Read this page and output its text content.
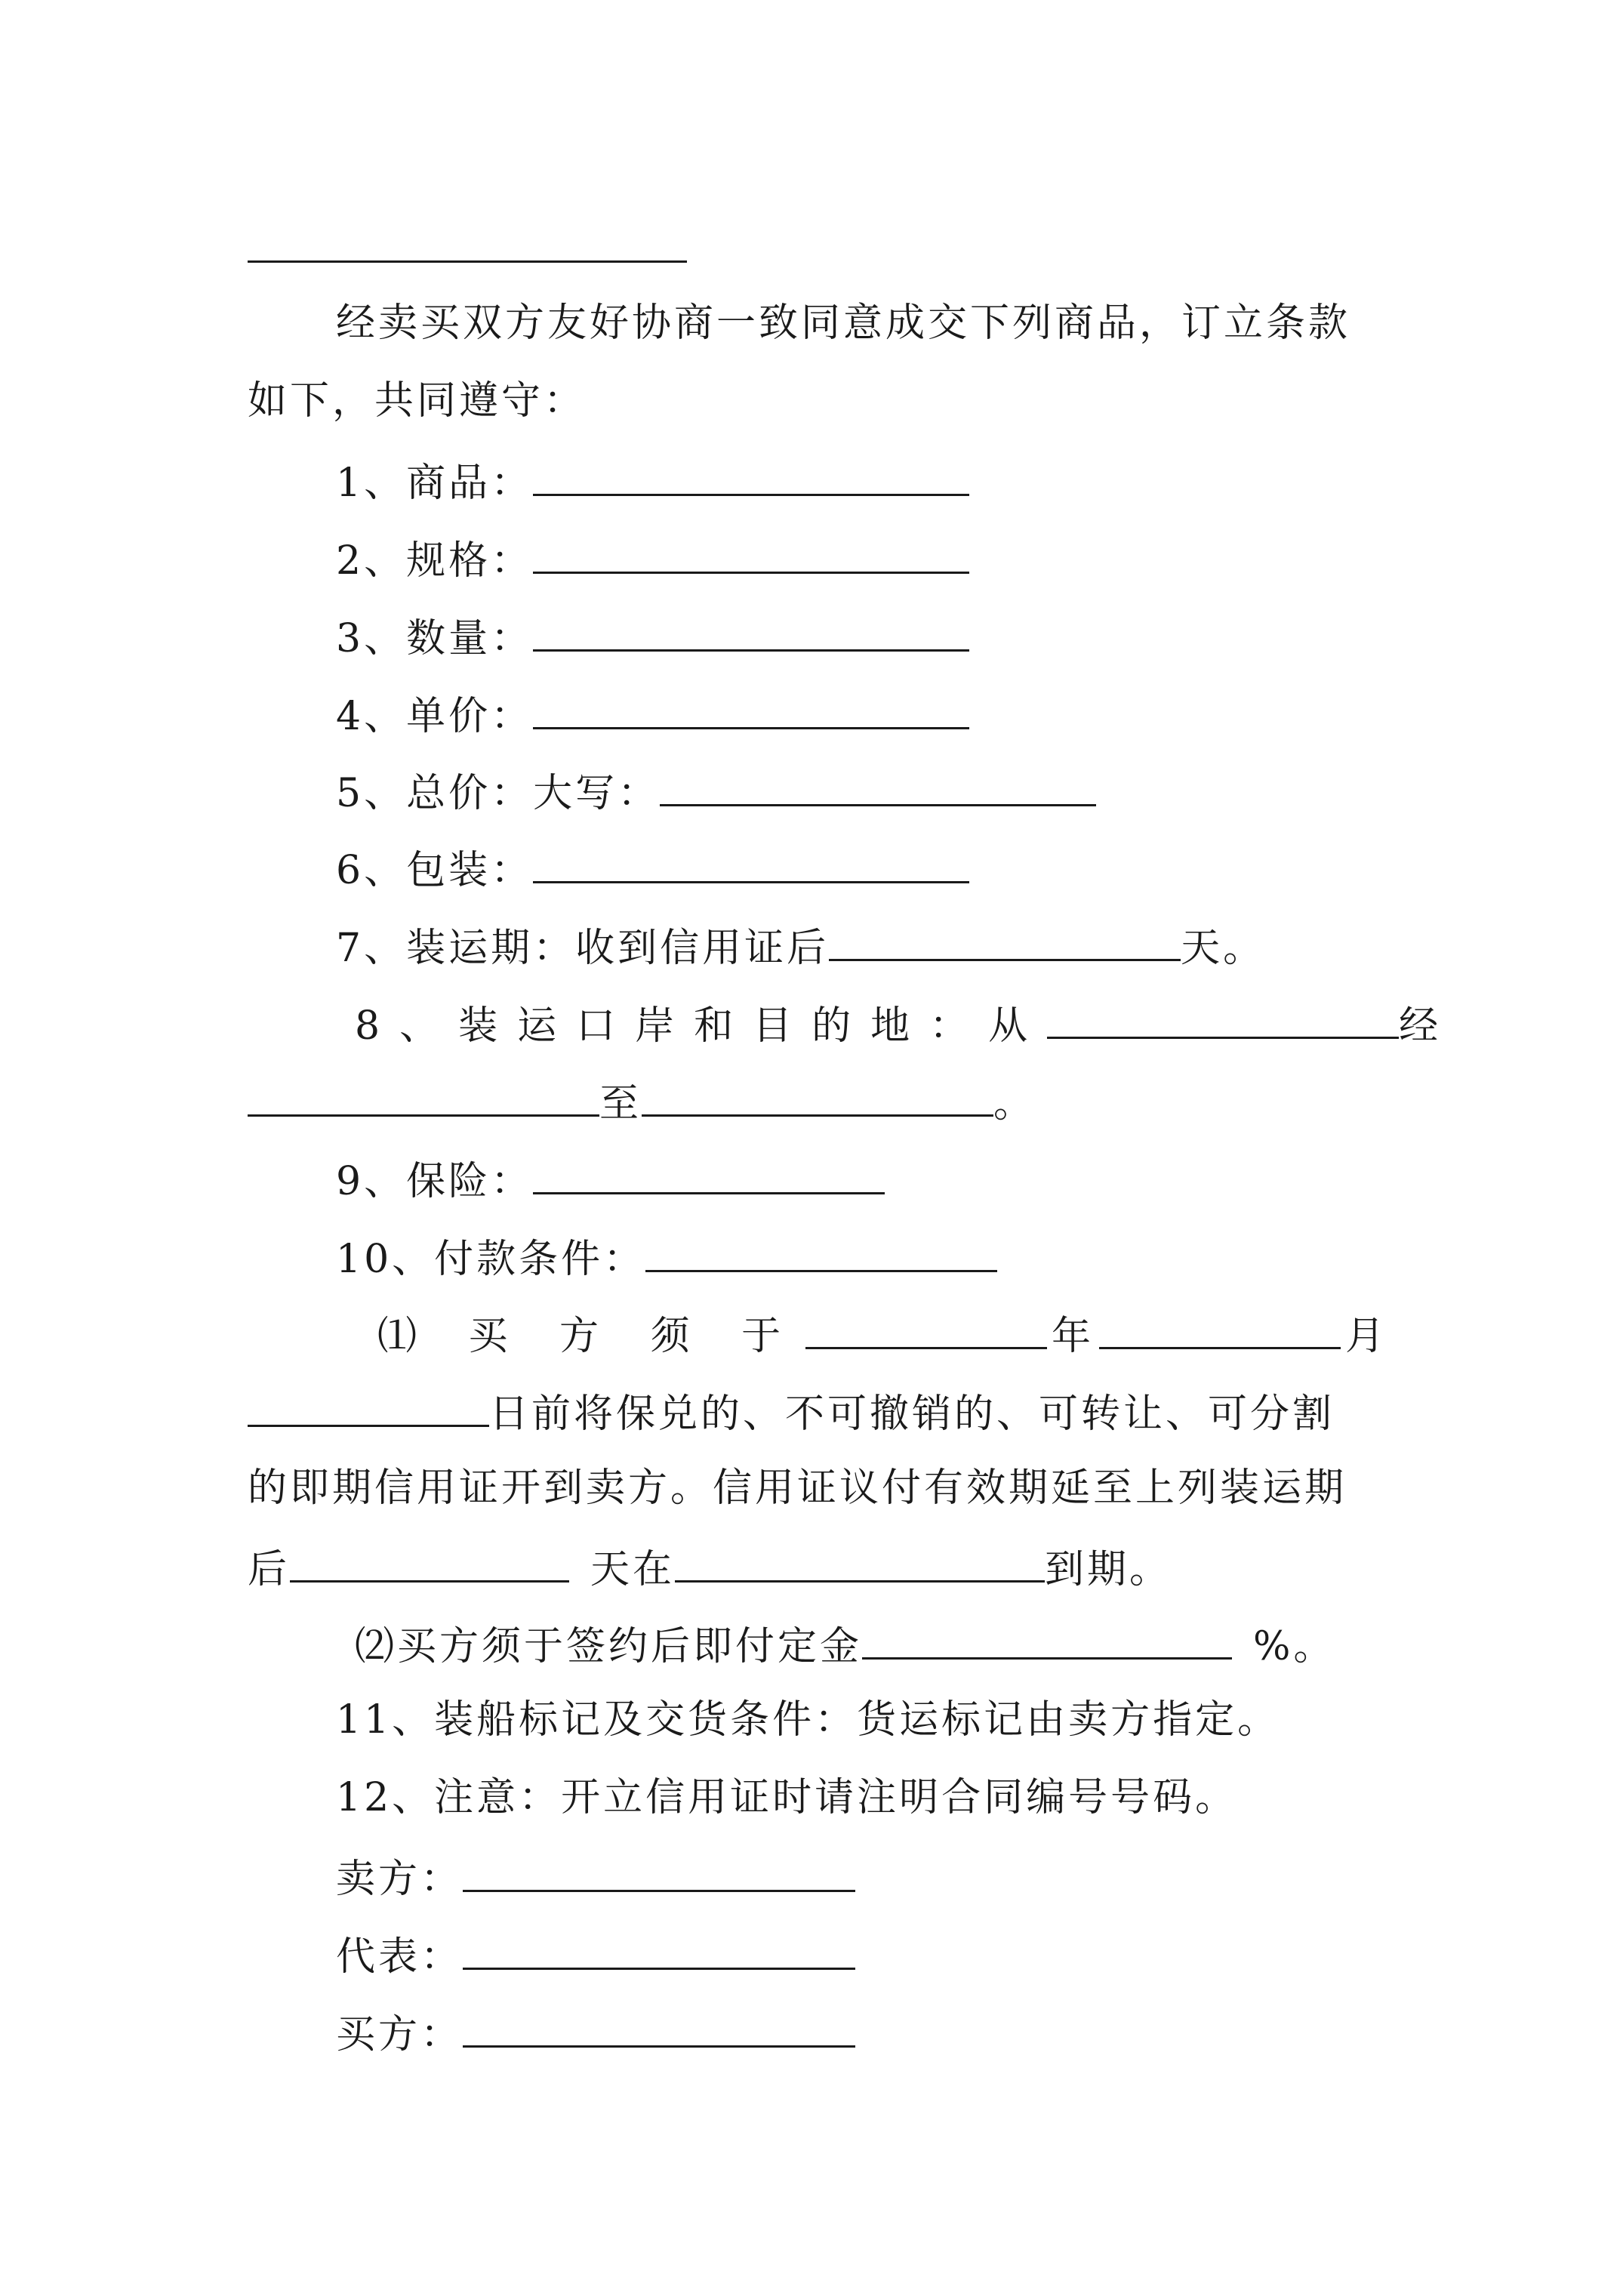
经卖买双方友好协商一致同意成交下列商品，订立条款
如下，共同遵守：
1、商品：
2、规格：
3、数量：
4、单价：
5、总价：大写：
6、包装：
7、装运期：收到信用证后	天。
8、装运口岸和目的地：从	经
至	。
9、保险：
10、付款条件：
⑴ 买 方 须 于	年	月
日前将保兑的、不可撤销的、可转让、可分割
的即期信用证开到卖方。信用证议付有效期延至上列装运期
后	天在	到期。
⑵买方须于签约后即付定金	%。
11、装船标记及交货条件：货运标记由卖方指定。
12、注意：开立信用证时请注明合同编号号码。
卖方：
代表：
买方：
